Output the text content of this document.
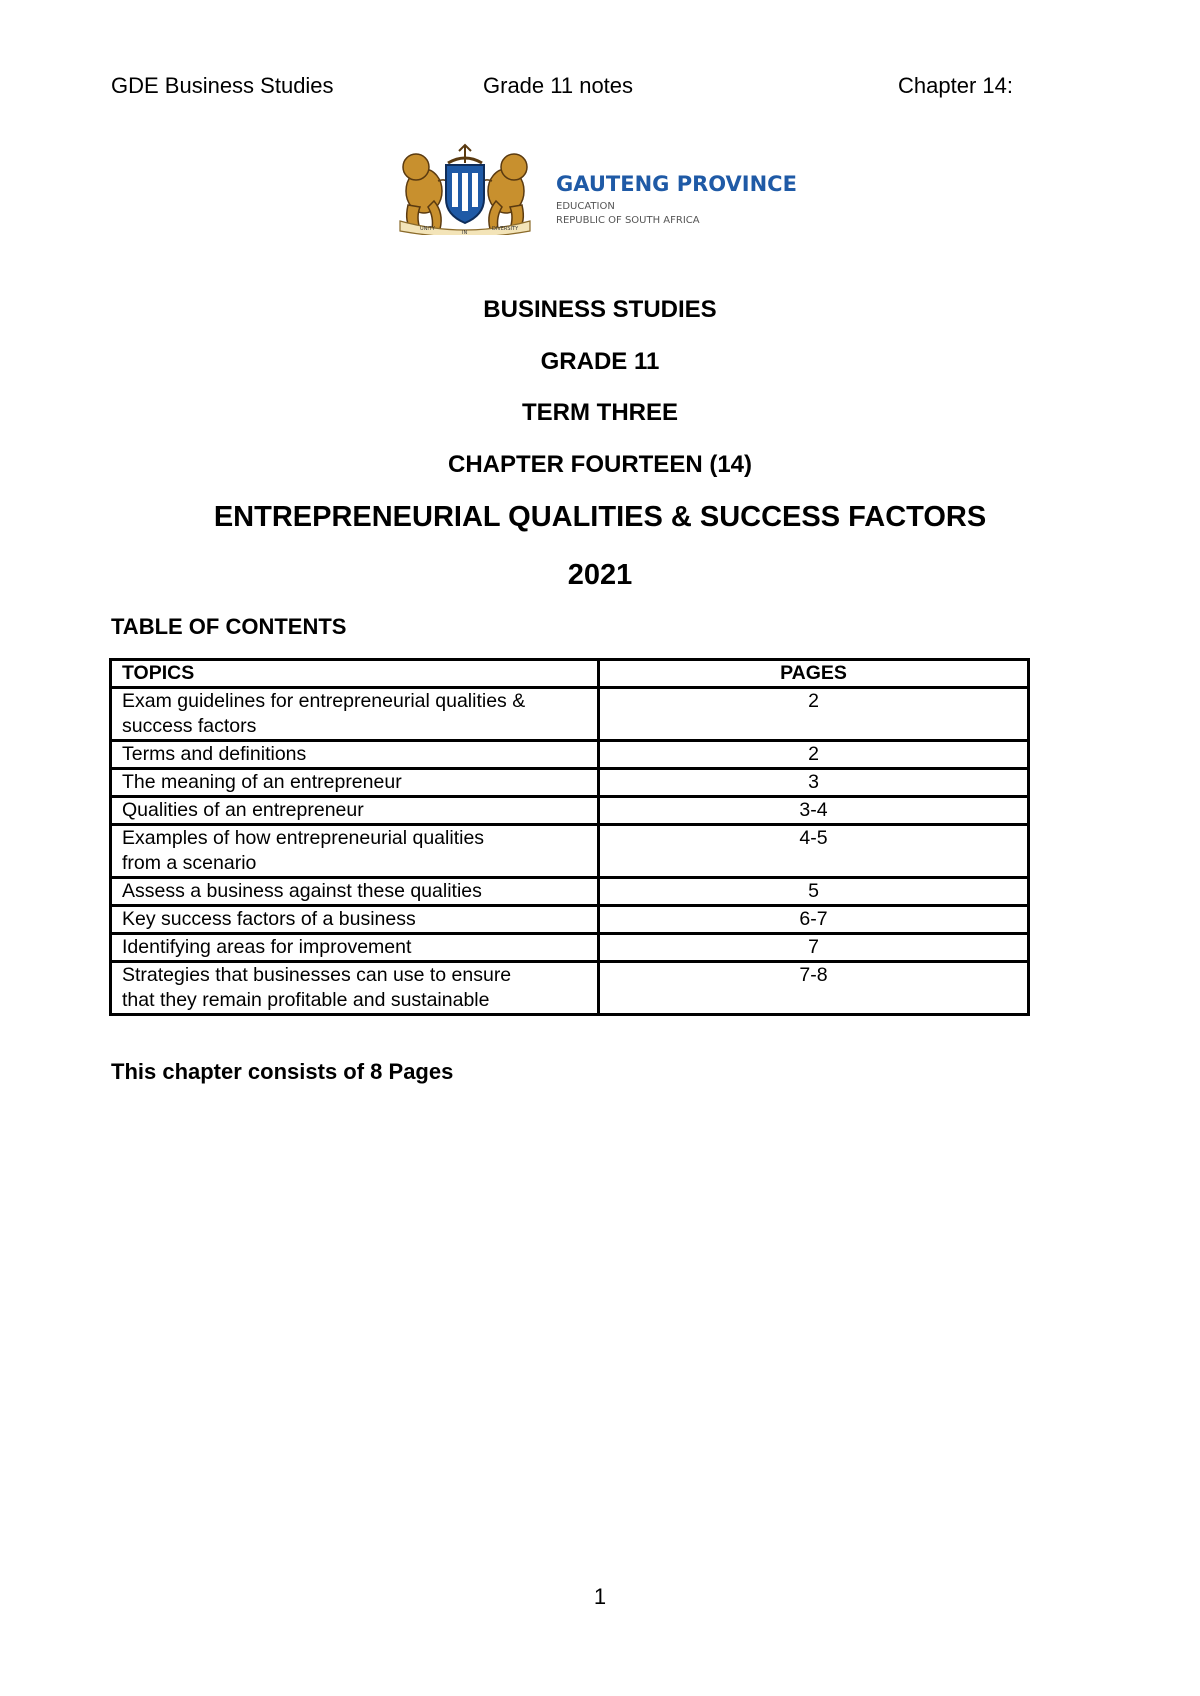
GDE Business Studies	Grade 11 notes	Chapter 14:
UNITY
IN
DIVERSITY
GAUTENG PROVINCE
EDUCATION
REPUBLIC OF SOUTH AFRICA
BUSINESS STUDIES
GRADE 11
TERM THREE
CHAPTER FOURTEEN (14)
ENTREPRENEURIAL QUALITIES & SUCCESS FACTORS
2021
TABLE OF CONTENTS
TOPICS	PAGES

Exam guidelines for entrepreneurial qualities &
success factors	2
Terms and definitions	2
The meaning of an entrepreneur	3
Qualities of an entrepreneur	3-4

Examples of how entrepreneurial qualities
from a scenario	4-5
Assess a business against these qualities	5
Key success factors of a business	6-7
Identifying areas for improvement	7

Strategies that businesses can use to ensure
that they remain profitable and sustainable	7-8
This chapter consists of 8 Pages
1
